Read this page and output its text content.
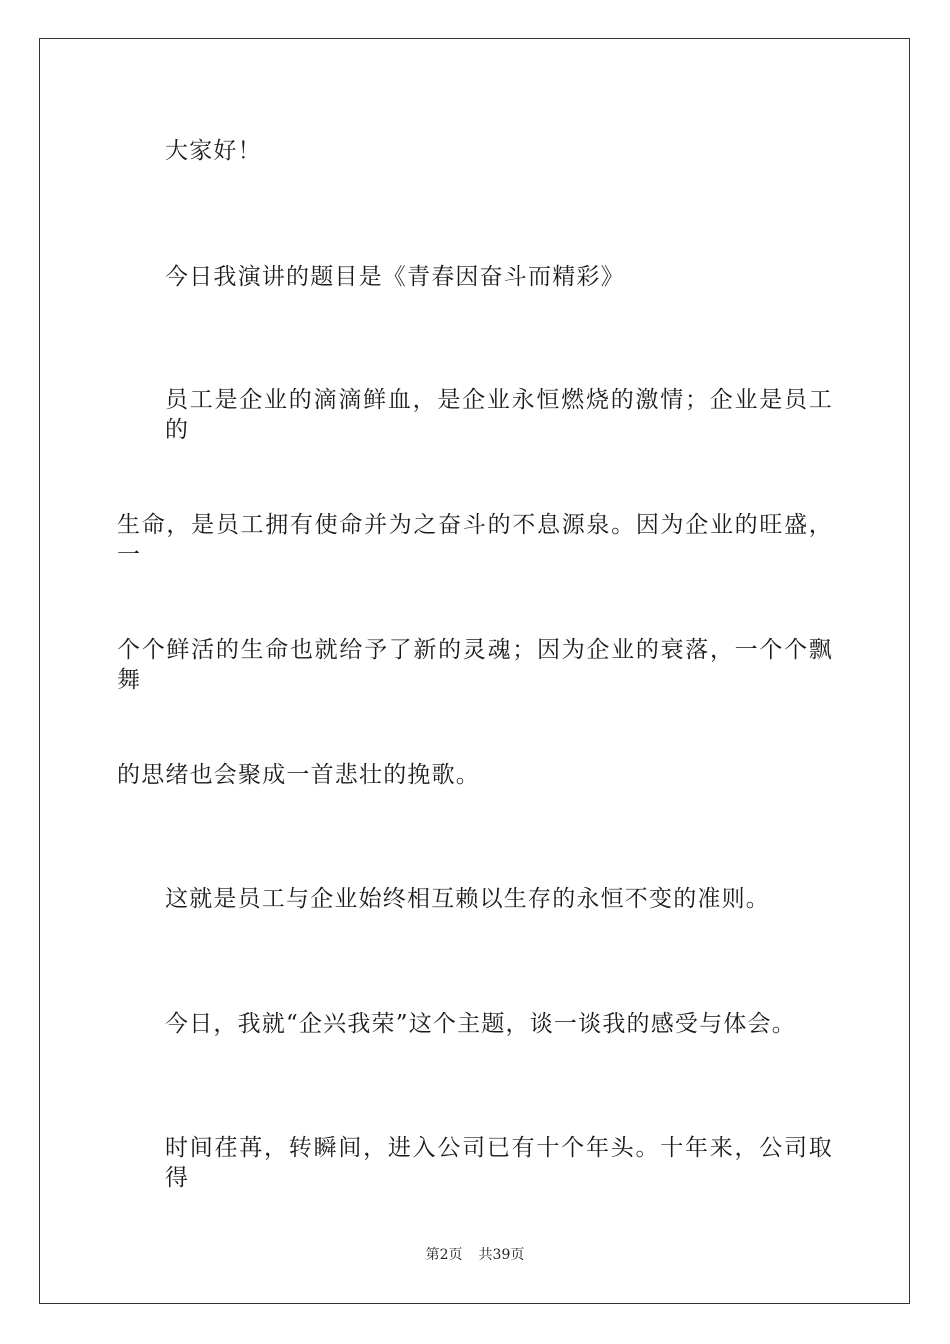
大家好！
今日我演讲的题目是《青春因奋斗而精彩》
员工是企业的滴滴鲜血，是企业永恒燃烧的激情；企业是员工的
生命，是员工拥有使命并为之奋斗的不息源泉。因为企业的旺盛，一
个个鲜活的生命也就给予了新的灵魂；因为企业的衰落，一个个飘舞
的思绪也会聚成一首悲壮的挽歌。
这就是员工与企业始终相互赖以生存的永恒不变的准则。
今日，我就“企兴我荣”这个主题，谈一谈我的感受与体会。
时间荏苒，转瞬间，进入公司已有十个年头。十年来，公司取得
第2页 共39页
